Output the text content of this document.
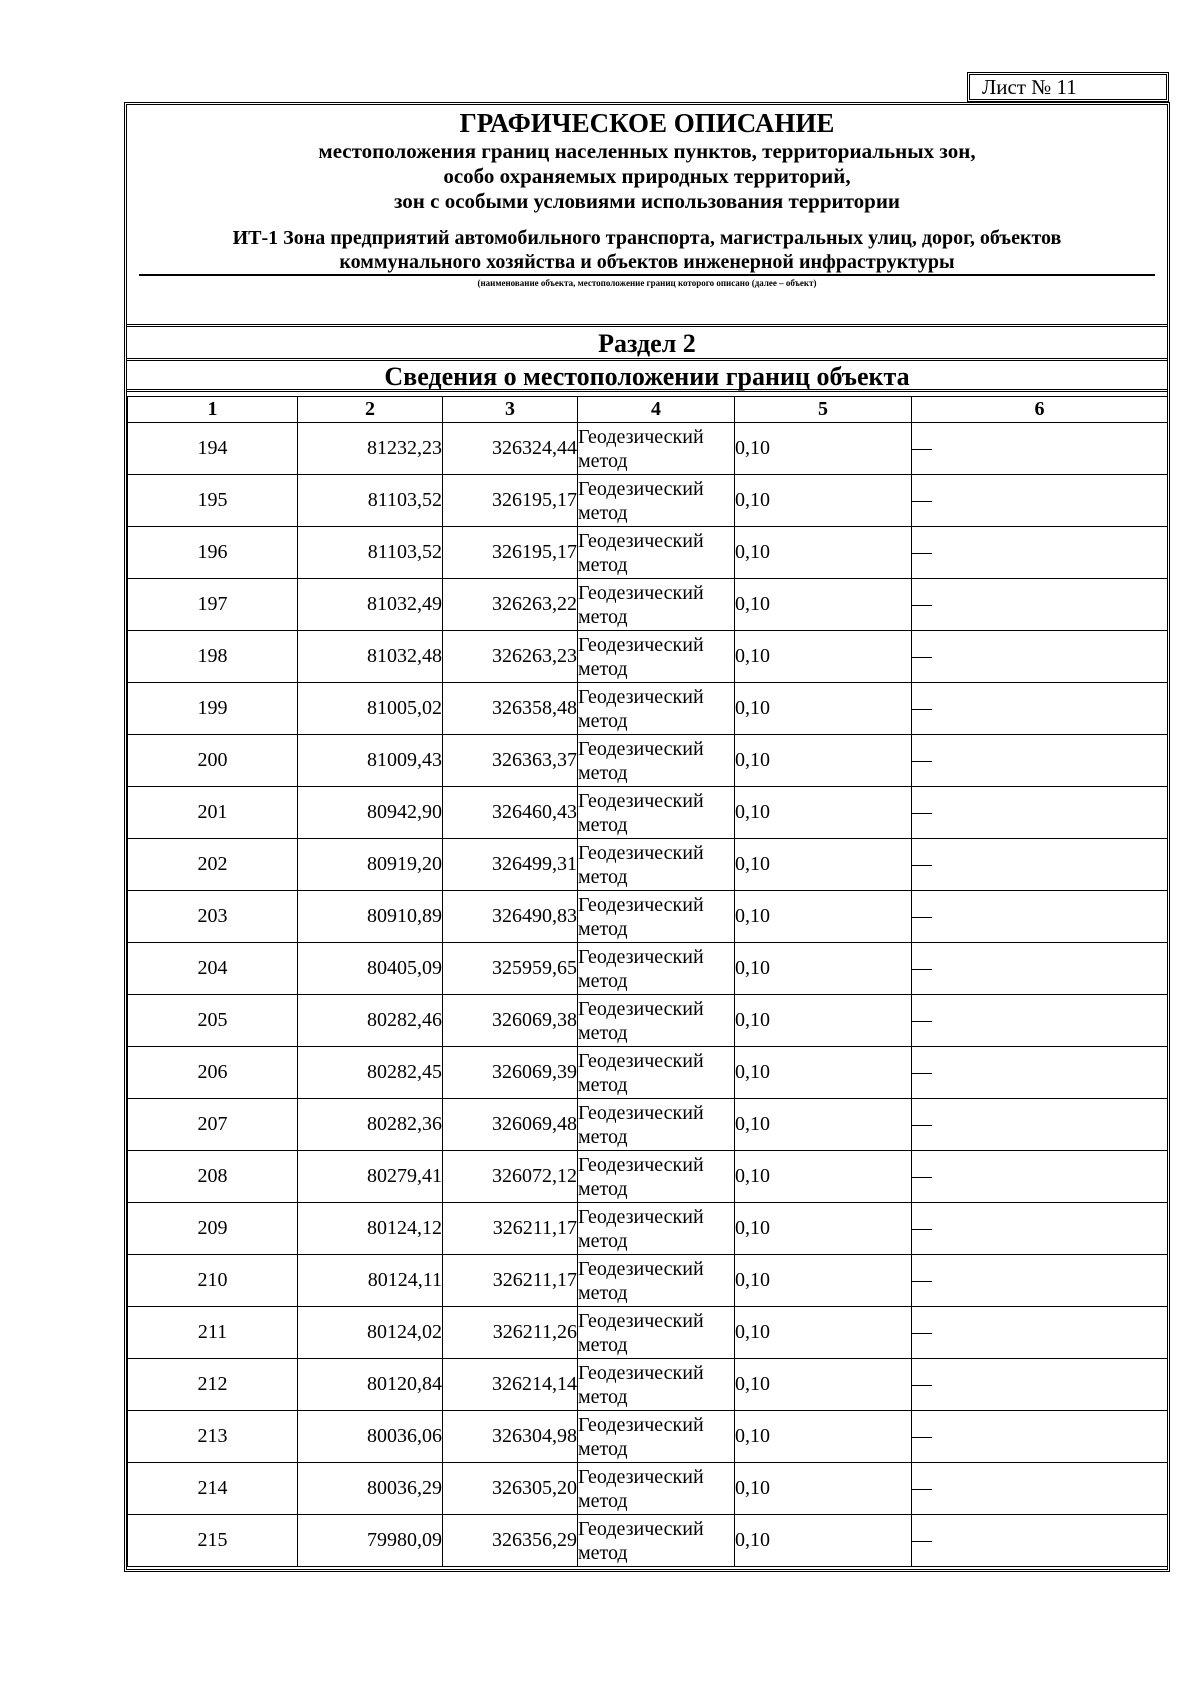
Лист № 11
ГРАФИЧЕСКОЕ ОПИСАНИЕ
местоположения границ населенных пунктов, территориальных зон,
особо охраняемых природных территорий,
зон с особыми условиями использования территории
ИТ-1 Зона предприятий автомобильного транспорта, магистральных улиц, дорог, объектов
коммунального хозяйства и объектов инженерной инфраструктуры
(наименование объекта, местоположение границ которого описано (далее – объект)
Раздел 2
Сведения о местоположении границ объекта
1	2	3	4	5	6
194	81232,23	326324,44	Геодезический метод	0,10	—
195	81103,52	326195,17	Геодезический метод	0,10	—
196	81103,52	326195,17	Геодезический метод	0,10	—
197	81032,49	326263,22	Геодезический метод	0,10	—
198	81032,48	326263,23	Геодезический метод	0,10	—
199	81005,02	326358,48	Геодезический метод	0,10	—
200	81009,43	326363,37	Геодезический метод	0,10	—
201	80942,90	326460,43	Геодезический метод	0,10	—
202	80919,20	326499,31	Геодезический метод	0,10	—
203	80910,89	326490,83	Геодезический метод	0,10	—
204	80405,09	325959,65	Геодезический метод	0,10	—
205	80282,46	326069,38	Геодезический метод	0,10	—
206	80282,45	326069,39	Геодезический метод	0,10	—
207	80282,36	326069,48	Геодезический метод	0,10	—
208	80279,41	326072,12	Геодезический метод	0,10	—
209	80124,12	326211,17	Геодезический метод	0,10	—
210	80124,11	326211,17	Геодезический метод	0,10	—
211	80124,02	326211,26	Геодезический метод	0,10	—
212	80120,84	326214,14	Геодезический метод	0,10	—
213	80036,06	326304,98	Геодезический метод	0,10	—
214	80036,29	326305,20	Геодезический метод	0,10	—
215	79980,09	326356,29	Геодезический метод	0,10	—
